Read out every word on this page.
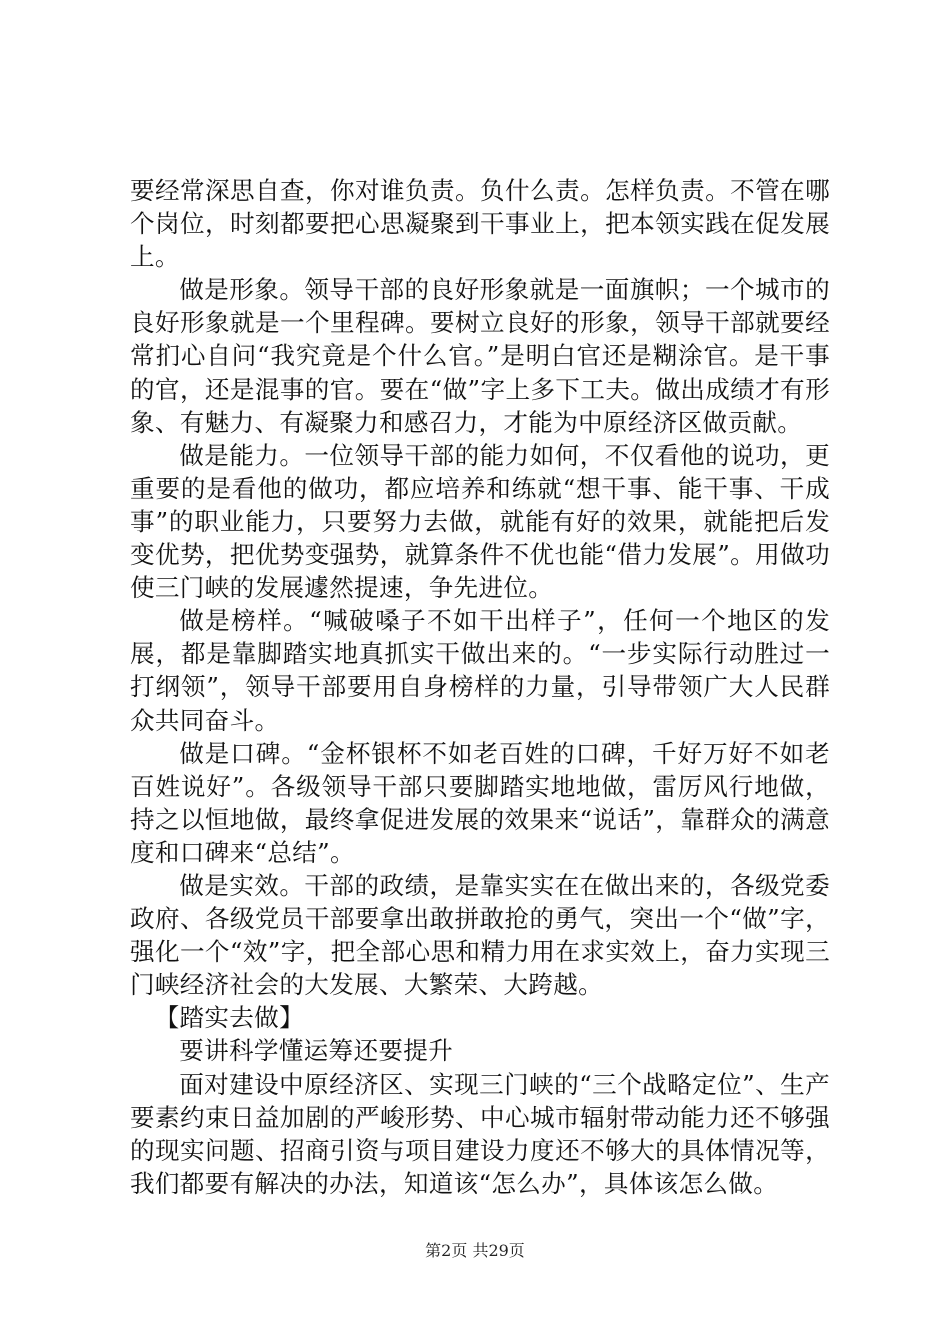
要经常深思自查，你对谁负责。负什么责。怎样负责。不管在哪个岗位，时刻都要把心思凝聚到干事业上，把本领实践在促发展上。

做是形象。领导干部的良好形象就是一面旗帜；一个城市的良好形象就是一个里程碑。要树立良好的形象，领导干部就要经常扪心自问“我究竟是个什么官。”是明白官还是糊涂官。是干事的官，还是混事的官。要在“做”字上多下工夫。做出成绩才有形象、有魅力、有凝聚力和感召力，才能为中原经济区做贡献。

做是能力。一位领导干部的能力如何，不仅看他的说功，更重要的是看他的做功，都应培养和练就“想干事、能干事、干成事”的职业能力，只要努力去做，就能有好的效果，就能把后发变优势，把优势变强势，就算条件不优也能“借力发展”。用做功使三门峡的发展遽然提速，争先进位。

做是榜样。“喊破嗓子不如干出样子”，任何一个地区的发展，都是靠脚踏实地真抓实干做出来的。“一步实际行动胜过一打纲领”，领导干部要用自身榜样的力量，引导带领广大人民群众共同奋斗。

做是口碑。“金杯银杯不如老百姓的口碑，千好万好不如老百姓说好”。各级领导干部只要脚踏实地地做，雷厉风行地做，持之以恒地做，最终拿促进发展的效果来“说话”，靠群众的满意度和口碑来“总结”。

做是实效。干部的政绩，是靠实实在在做出来的，各级党委政府、各级党员干部要拿出敢拼敢抢的勇气，突出一个“做”字，强化一个“效”字，把全部心思和精力用在求实效上，奋力实现三门峡经济社会的大发展、大繁荣、大跨越。

【踏实去做】

要讲科学懂运筹还要提升

面对建设中原经济区、实现三门峡的“三个战略定位”、生产要素约束日益加剧的严峻形势、中心城市辐射带动能力还不够强的现实问题、招商引资与项目建设力度还不够大的具体情况等，我们都要有解决的办法，知道该“怎么办”，具体该怎么做。

第2页 共29页
